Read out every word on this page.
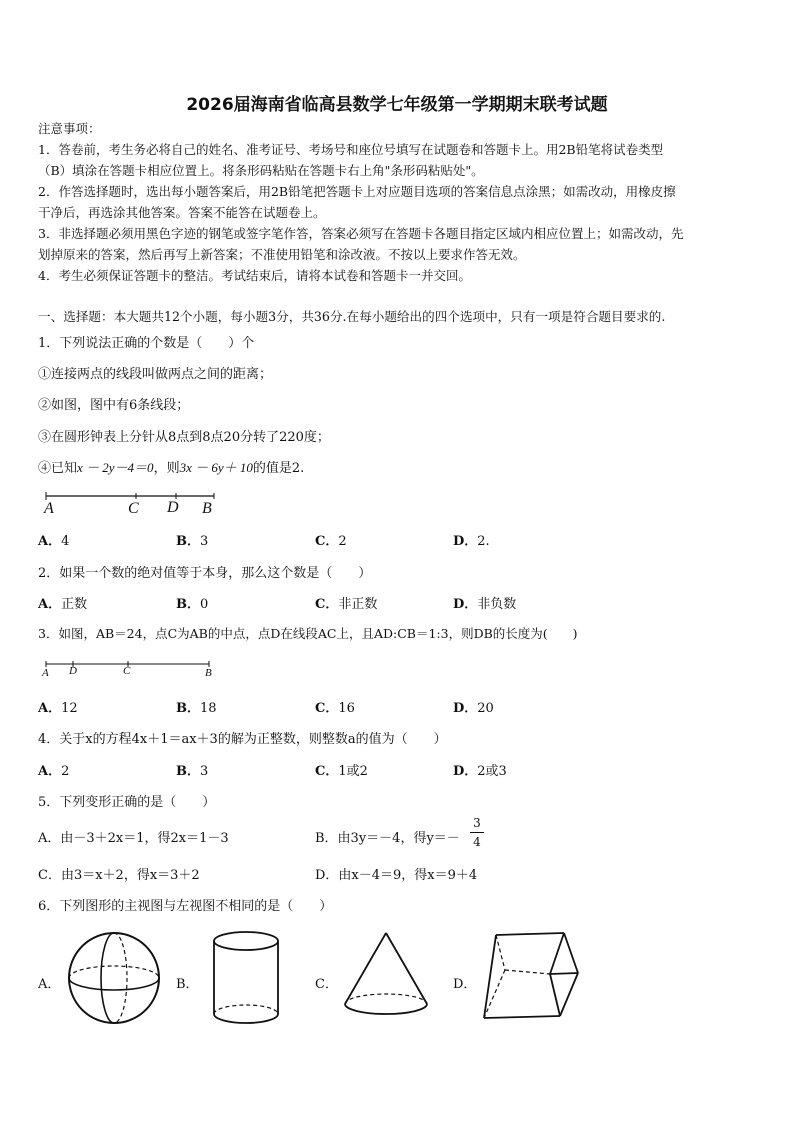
2026届海南省临高县数学七年级第一学期期末联考试题
注意事项：
1．答卷前，考生务必将自己的姓名、准考证号、考场号和座位号填写在试题卷和答题卡上。用2B铅笔将试卷类型
（B）填涂在答题卡相应位置上。将条形码粘贴在答题卡右上角"条形码粘贴处"。
2．作答选择题时，选出每小题答案后，用2B铅笔把答题卡上对应题目选项的答案信息点涂黑；如需改动，用橡皮擦
干净后，再选涂其他答案。答案不能答在试题卷上。
3．非选择题必须用黑色字迹的钢笔或签字笔作答，答案必须写在答题卡各题目指定区域内相应位置上；如需改动，先
划掉原来的答案，然后再写上新答案；不准使用铅笔和涂改液。不按以上要求作答无效。
4．考生必须保证答题卡的整洁。考试结束后，请将本试卷和答题卡一并交回。
一、选择题：本大题共12个小题，每小题3分，共36分.在每小题给出的四个选项中，只有一项是符合题目要求的.
1．下列说法正确的个数是（　　）个
①连接两点的线段叫做两点之间的距离；
②如图，图中有6条线段；
③在圆形钟表上分针从8点到8点20分转了220度；
④已知x － 2y－4＝0，则3x － 6y＋ 10的值是2.
A	C D B
A．4	B．3	C．2	D．2.
2．如果一个数的绝对值等于本身，那么这个数是（　　）
A．正数	B．0	C．非正数	D．非负数
3．如图，AB＝24，点C为AB的中点，点D在线段AC上，且AD:CB＝1:3，则DB的长度为(　　)
A D	C	B
A．12	B．18	C．16	D．20
4．关于x的方程4x＋1＝ax＋3的解为正整数，则整数a的值为（　　）
A．2	B．3	C．1或2	D．2或3
5．下列变形正确的是（　　）
A．由－3＋2x＝1，得2x＝1－3	B．由3y＝－4，得y＝－
3
4
C．由3＝x＋2，得x＝3＋2	D．由x－4＝9，得x＝9＋4
6．下列图形的主视图与左视图不相同的是（　　）
A．	B．	C．	D．
